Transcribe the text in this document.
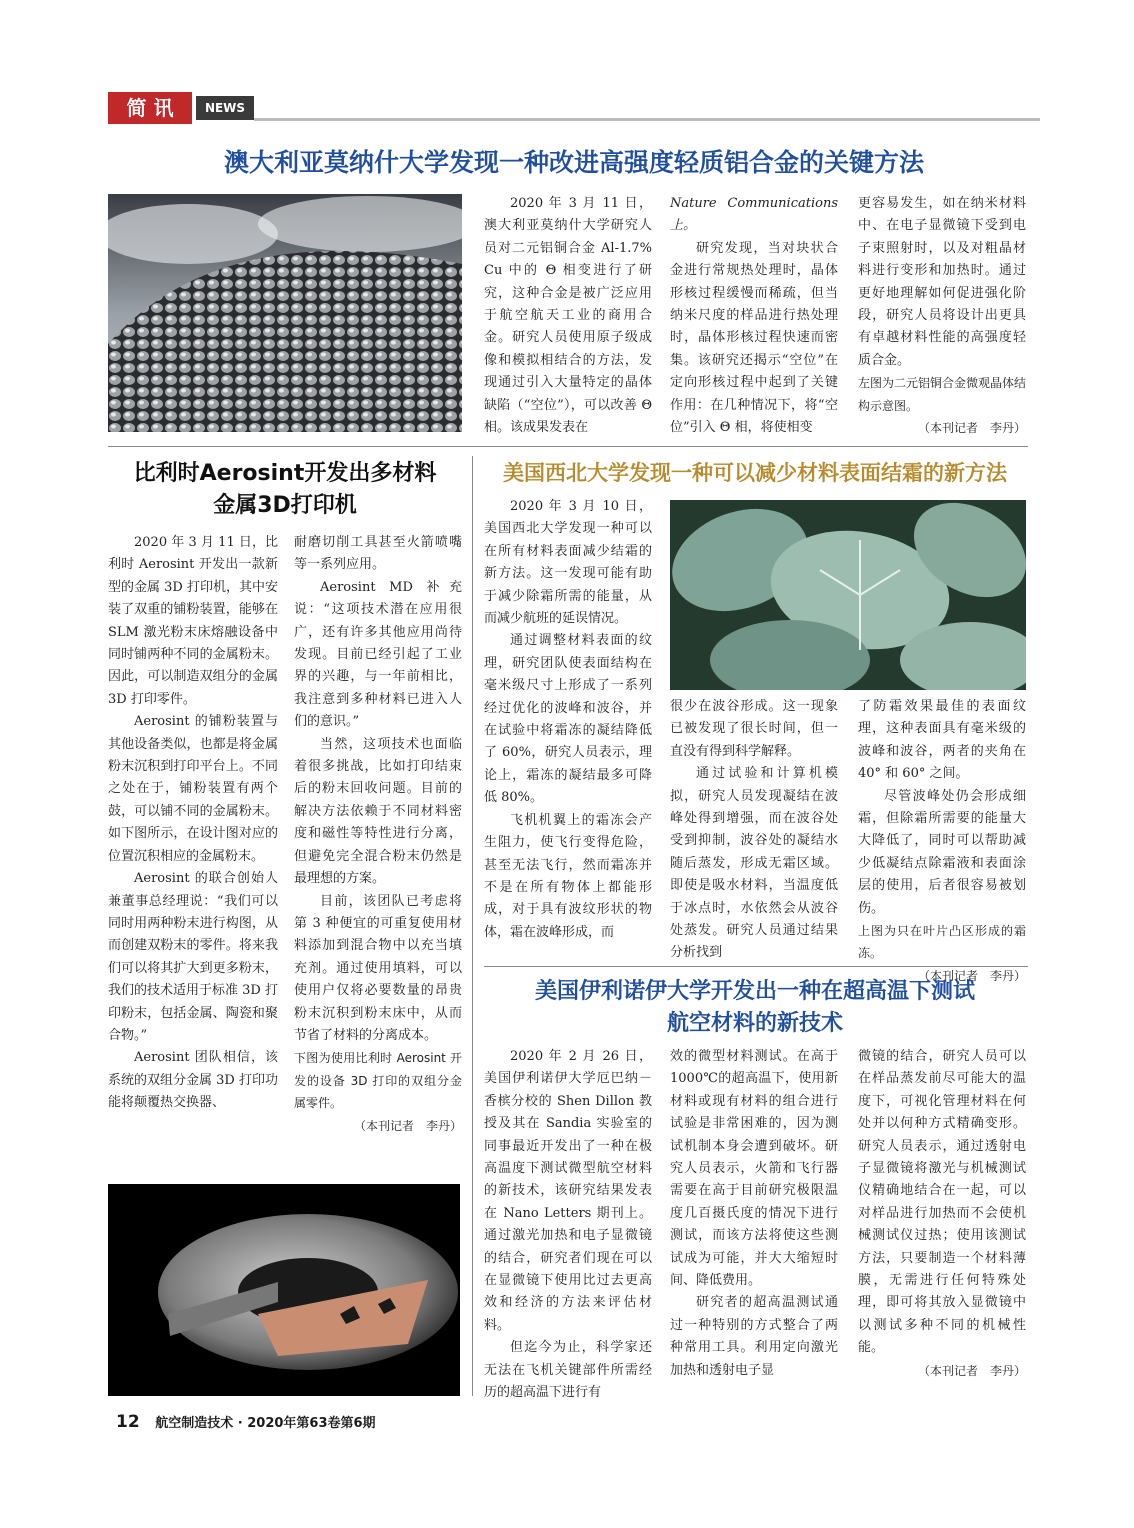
简 讯	NEWS
澳大利亚莫纳什大学发现一种改进高强度轻质铝合金的关键方法

2020 年 3 月 11 日，澳大利亚莫纳什大学研究人员对二元铝铜合金 Al-1.7% Cu 中的 Θ 相变进行了研究，这种合金是被广泛应用于航空航天工业的商用合金。研究人员使用原子级成像和模拟相结合的方法，发现通过引入大量特定的晶体缺陷（“空位”），可以改善 Θ 相。该成果发表在

Nature Communications 上。

研究发现，当对块状合金进行常规热处理时，晶体形核过程缓慢而稀疏，但当纳米尺度的样品进行热处理时，晶体形核过程快速而密集。该研究还揭示“空位”在定向形核过程中起到了关键作用：在几种情况下，将“空位”引入 Θ 相，将使相变

更容易发生，如在纳米材料中、在电子显微镜下受到电子束照射时，以及对粗晶材料进行变形和加热时。通过更好地理解如何促进强化阶段，研究人员将设计出更具有卓越材料性能的高强度轻质合金。

左图为二元铝铜合金微观晶体结构示意图。

（本刊记者　李丹）
比利时Aerosint开发出多材料
金属3D打印机

2020 年 3 月 11 日，比利时 Aerosint 开发出一款新型的金属 3D 打印机，其中安装了双重的铺粉装置，能够在 SLM 激光粉末床熔融设备中同时铺两种不同的金属粉末。因此，可以制造双组分的金属 3D 打印零件。

Aerosint 的铺粉装置与其他设备类似，也都是将金属粉末沉积到打印平台上。不同之处在于，铺粉装置有两个鼓，可以铺不同的金属粉末。如下图所示，在设计图对应的位置沉积相应的金属粉末。

Aerosint 的联合创始人兼董事总经理说：“我们可以同时用两种粉末进行构图，从而创建双粉末的零件。将来我们可以将其扩大到更多粉末，我们的技术适用于标准 3D 打印粉末，包括金属、陶瓷和聚合物。”

Aerosint 团队相信，该系统的双组分金属 3D 打印功能将颠覆热交换器、

耐磨切削工具甚至火箭喷嘴等一系列应用。

Aerosint MD 补充说：“这项技术潜在应用很广，还有许多其他应用尚待发现。目前已经引起了工业界的兴趣，与一年前相比，我注意到多种材料已进入人们的意识。”

当然，这项技术也面临着很多挑战，比如打印结束后的粉末回收问题。目前的解决方法依赖于不同材料密度和磁性等特性进行分离，但避免完全混合粉末仍然是最理想的方案。

目前，该团队已考虑将第 3 种便宜的可重复使用材料添加到混合物中以充当填充剂。通过使用填料，可以使用户仅将必要数量的昂贵粉末沉积到粉末床中，从而节省了材料的分离成本。

下图为使用比利时 Aerosint 开发的设备 3D 打印的双组分金属零件。

（本刊记者　李丹）
美国西北大学发现一种可以减少材料表面结霜的新方法

2020 年 3 月 10 日，美国西北大学发现一种可以在所有材料表面减少结霜的新方法。这一发现可能有助于减少除霜所需的能量，从而减少航班的延误情况。

通过调整材料表面的纹理，研究团队使表面结构在毫米级尺寸上形成了一系列经过优化的波峰和波谷，并在试验中将霜冻的凝结降低了 60%，研究人员表示，理论上，霜冻的凝结最多可降低 80%。

飞机机翼上的霜冻会产生阻力，使飞行变得危险，甚至无法飞行，然而霜冻并不是在所有物体上都能形成，对于具有波纹形状的物体，霜在波峰形成，而

很少在波谷形成。这一现象已被发现了很长时间，但一直没有得到科学解释。

通过试验和计算机模拟，研究人员发现凝结在波峰处得到增强，而在波谷处受到抑制，波谷处的凝结水随后蒸发，形成无霜区域。即使是吸水材料，当温度低于冰点时，水依然会从波谷处蒸发。研究人员通过结果分析找到

了防霜效果最佳的表面纹理，这种表面具有毫米级的波峰和波谷，两者的夹角在 40° 和 60° 之间。

尽管波峰处仍会形成细霜，但除霜所需要的能量大大降低了，同时可以帮助减少低凝结点除霜液和表面涂层的使用，后者很容易被划伤。

上图为只在叶片凸区形成的霜冻。

（本刊记者　李丹）
美国伊利诺伊大学开发出一种在超高温下测试
航空材料的新技术

2020 年 2 月 26 日，美国伊利诺伊大学厄巴纳－香槟分校的 Shen Dillon 教授及其在 Sandia 实验室的同事最近开发出了一种在极高温度下测试微型航空材料的新技术，该研究结果发表在 Nano Letters 期刊上。通过激光加热和电子显微镜的结合，研究者们现在可以在显微镜下使用比过去更高效和经济的方法来评估材料。

但迄今为止，科学家还无法在飞机关键部件所需经历的超高温下进行有

效的微型材料测试。在高于 1000℃的超高温下，使用新材料或现有材料的组合进行试验是非常困难的，因为测试机制本身会遭到破坏。研究人员表示，火箭和飞行器需要在高于目前研究极限温度几百摄氏度的情况下进行测试，而该方法将使这些测试成为可能，并大大缩短时间、降低费用。

研究者的超高温测试通过一种特别的方式整合了两种常用工具。利用定向激光加热和透射电子显

微镜的结合，研究人员可以在样品蒸发前尽可能大的温度下，可视化管理材料在何处并以何种方式精确变形。研究人员表示，通过透射电子显微镜将激光与机械测试仪精确地结合在一起，可以对样品进行加热而不会使机械测试仪过热；使用该测试方法，只要制造一个材料薄膜，无需进行任何特殊处理，即可将其放入显微镜中以测试多种不同的机械性能。

（本刊记者　李丹）
12 航空制造技术 · 2020年第63卷第6期
